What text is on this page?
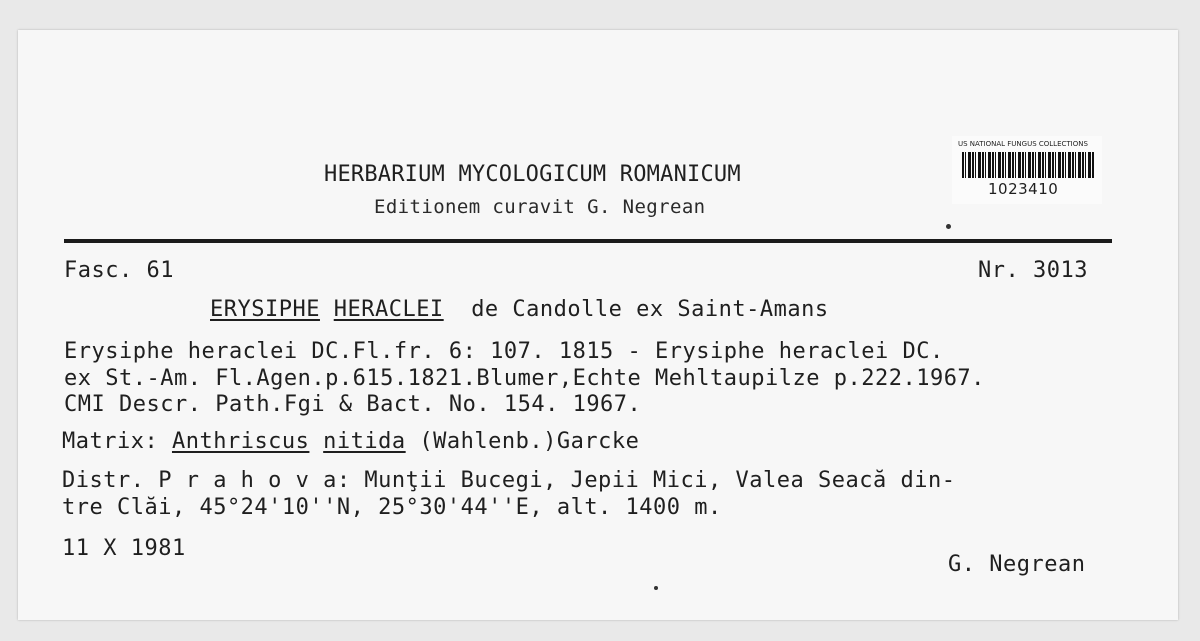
HERBARIUM MYCOLOGICUM ROMANICUM
Editionem curavit G. Negrean
US NATIONAL FUNGUS COLLECTIONS
1023410
Fasc. 61	Nr. 3013
ERYSIPHE HERACLEI de Candolle ex Saint-Amans
Erysiphe heraclei DC.Fl.fr. 6: 107. 1815 - Erysiphe heraclei DC.
ex St.-Am. Fl.Agen.p.615.1821.Blumer,Echte Mehltaupilze p.222.1967.
CMI Descr. Path.Fgi & Bact. No. 154. 1967.
Matrix: Anthriscus nitida (Wahlenb.)Garcke
Distr. P r a h o v a: Munţii Bucegi, Jepii Mici, Valea Seacă din-
tre Clăi, 45°24'10''N, 25°30'44''E, alt. 1400 m.
11 X 1981
G. Negrean
